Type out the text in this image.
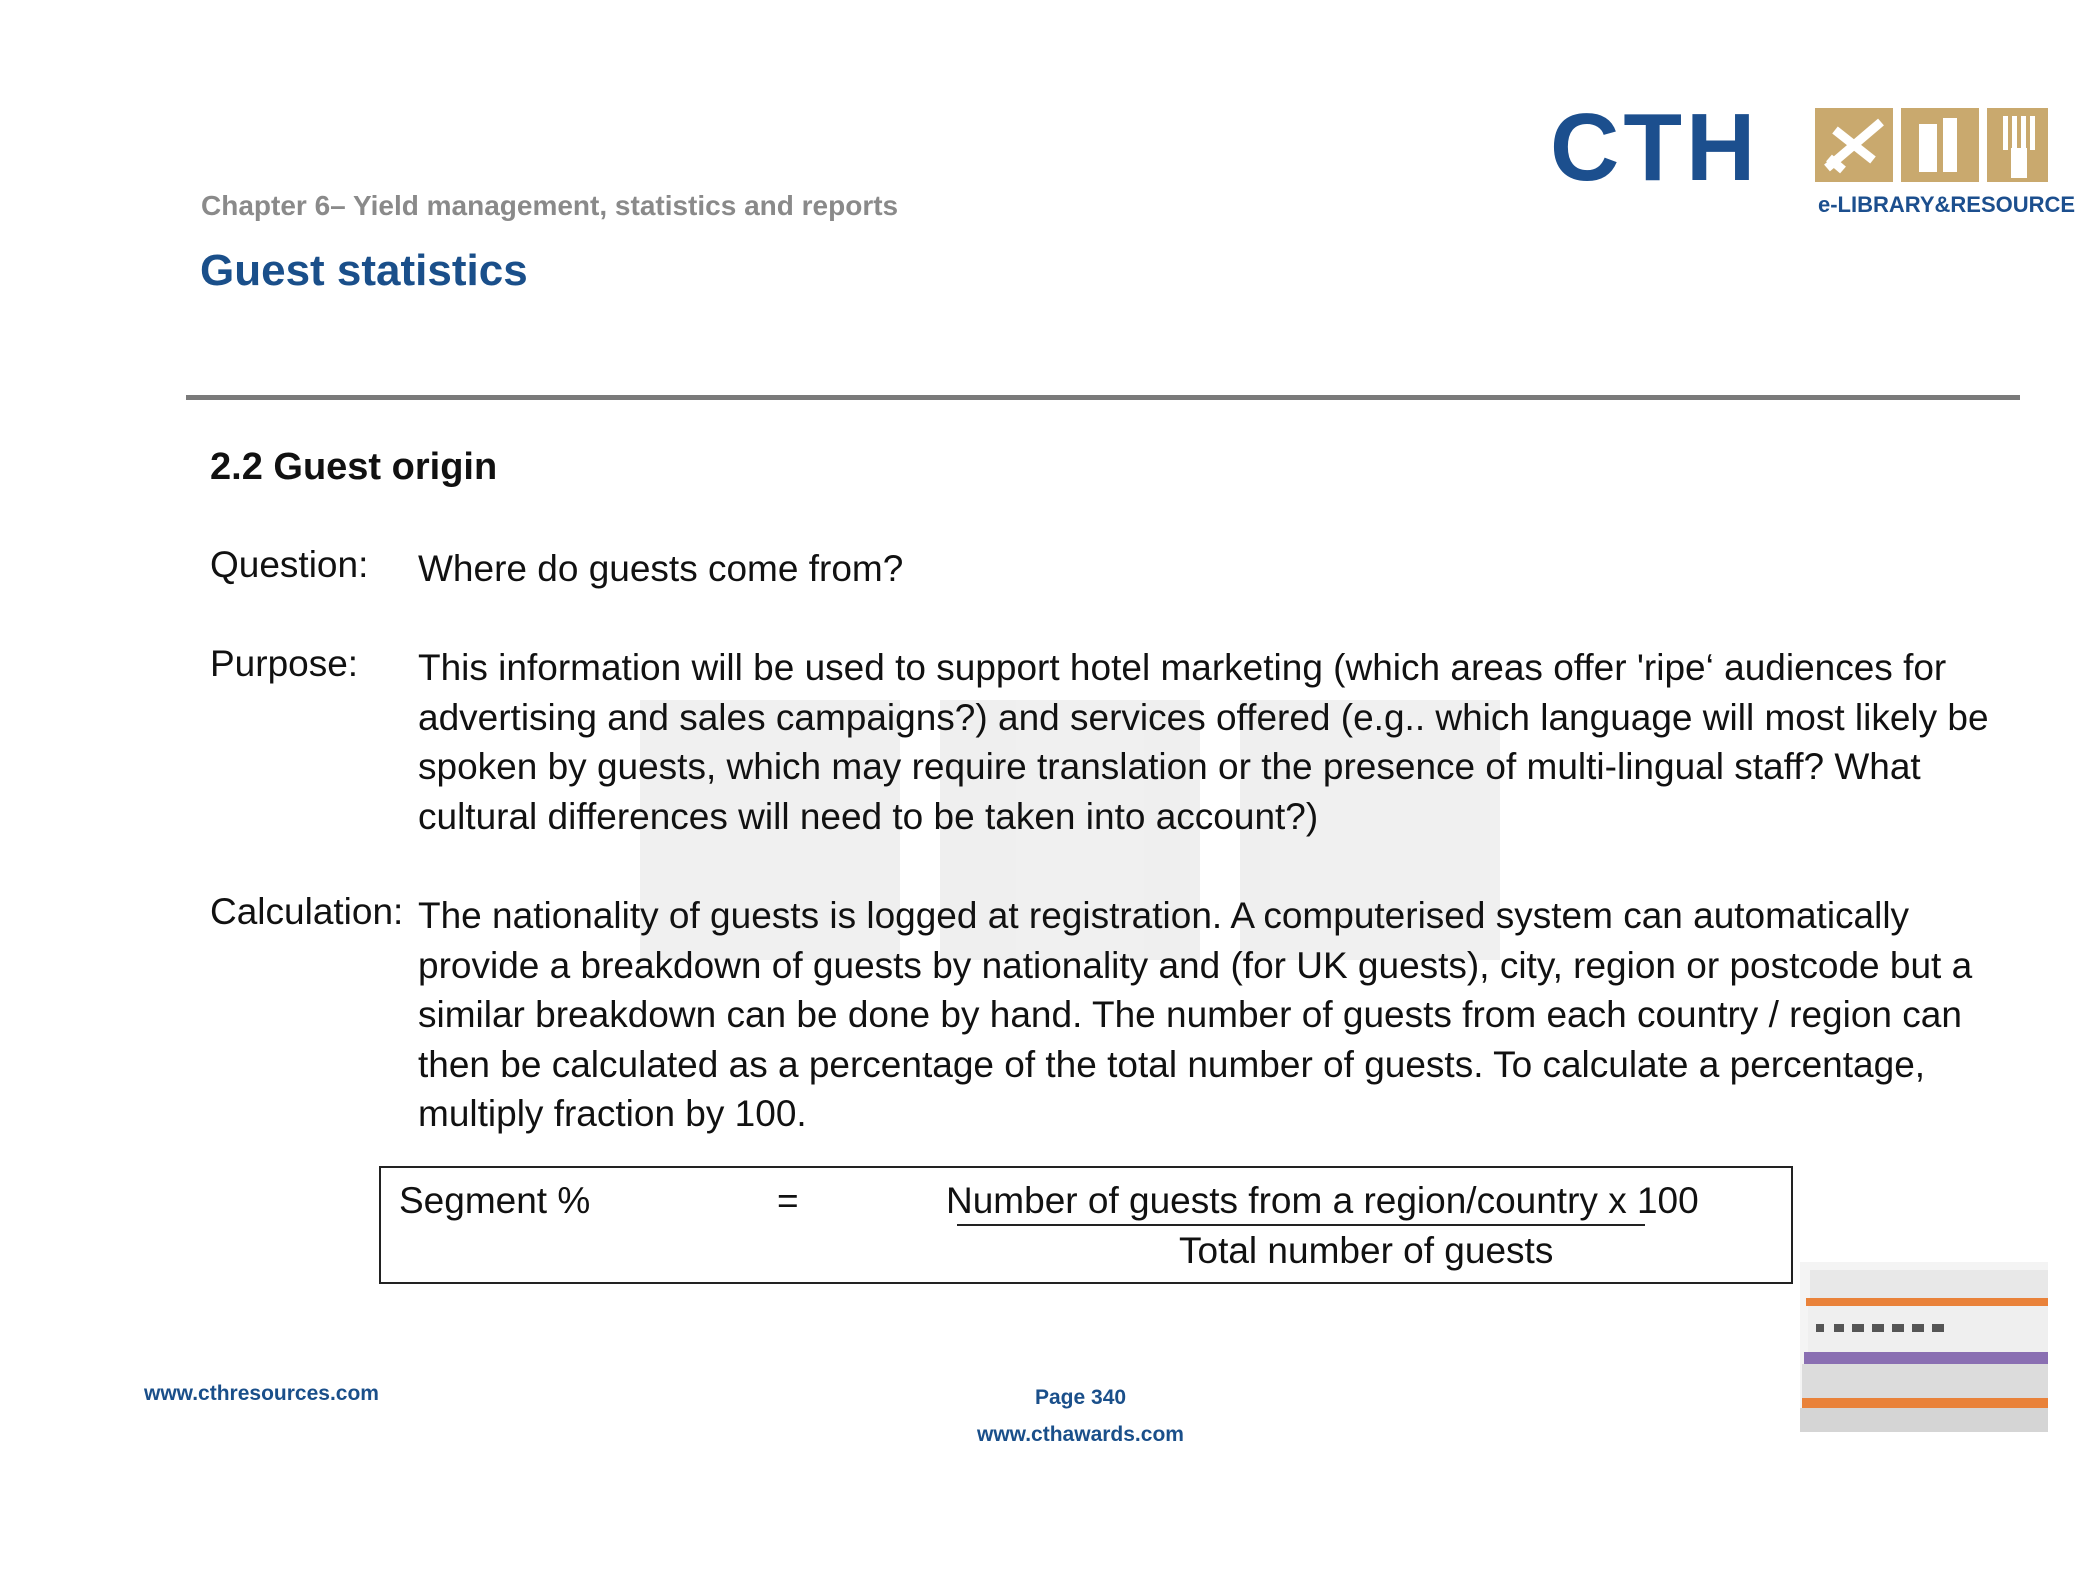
Chapter 6– Yield management, statistics and reports
Guest statistics
CTH
e-LIBRARY&RESOURCE
2.2 Guest origin
Question: Where do guests come from?
Purpose: This information will be used to support hotel marketing (which areas offer 'ripe‘ audiences for advertising and sales campaigns?) and services offered (e.g.. which language will most likely be spoken by guests, which may require translation or the presence of multi-lingual staff? What cultural differences will need to be taken into account?)
Calculation: The nationality of guests is logged at registration. A computerised system can automatically provide a breakdown of guests by nationality and (for UK guests), city, region or postcode but a similar breakdown can be done by hand. The number of guests from each country / region can then be calculated as a percentage of the total number of guests. To calculate a percentage, multiply fraction by 100.
Segment %	=	Number of guests from a region/country x 100
Total number of guests
www.cthresources.com	Page 340
www.cthawards.com
